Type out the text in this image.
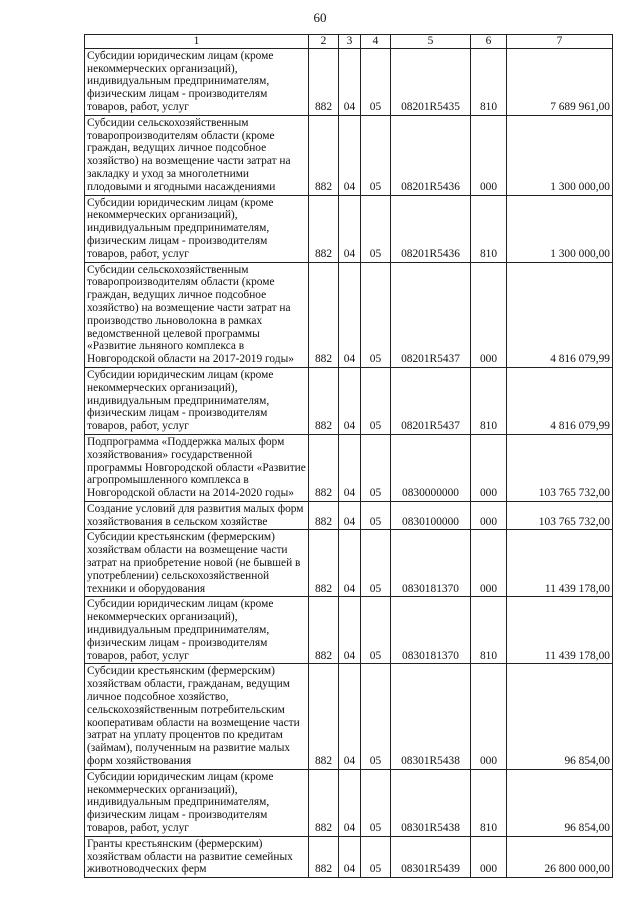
60
1	2	3	4	5	6	7
Субсидии юридическим лицам (кроме некоммерческих организаций), индивидуальным предпринимателям, физическим лицам - производителям товаров, работ, услуг	882	04	05	08201R5435	810	7 689 961,00
Субсидии сельскохозяйственным товаропроизводителям области (кроме граждан, ведущих личное подсобное хозяйство) на возмещение части затрат на закладку и уход за многолетними плодовыми и ягодными насаждениями	882	04	05	08201R5436	000	1 300 000,00
Субсидии юридическим лицам (кроме некоммерческих организаций), индивидуальным предпринимателям, физическим лицам - производителям товаров, работ, услуг	882	04	05	08201R5436	810	1 300 000,00
Субсидии сельскохозяйственным товаропроизводителям области (кроме граждан, ведущих личное подсобное хозяйство) на возмещение части затрат на производство льноволокна в рамках ведомственной целевой программы «Развитие льняного комплекса в Новгородской области на 2017-2019 годы»	882	04	05	08201R5437	000	4 816 079,99
Субсидии юридическим лицам (кроме некоммерческих организаций), индивидуальным предпринимателям, физическим лицам - производителям товаров, работ, услуг	882	04	05	08201R5437	810	4 816 079,99
Подпрограмма «Поддержка малых форм хозяйствования» государственной программы Новгородской области «Развитие агропромышленного комплекса в Новгородской области на 2014-2020 годы»	882	04	05	0830000000	000	103 765 732,00
Создание условий для развития малых форм хозяйствования в сельском хозяйстве	882	04	05	0830100000	000	103 765 732,00
Субсидии крестьянским (фермерским) хозяйствам области на возмещение части затрат на приобретение новой (не бывшей в употреблении) сельскохозяйственной техники и оборудования	882	04	05	0830181370	000	11 439 178,00
Субсидии юридическим лицам (кроме некоммерческих организаций), индивидуальным предпринимателям, физическим лицам - производителям товаров, работ, услуг	882	04	05	0830181370	810	11 439 178,00
Субсидии крестьянским (фермерским) хозяйствам области, гражданам, ведущим личное подсобное хозяйство, сельскохозяйственным потребительским кооперативам области на возмещение части затрат на уплату процентов по кредитам (займам), полученным на развитие малых форм хозяйствования	882	04	05	08301R5438	000	96 854,00
Субсидии юридическим лицам (кроме некоммерческих организаций), индивидуальным предпринимателям, физическим лицам - производителям товаров, работ, услуг	882	04	05	08301R5438	810	96 854,00
Гранты крестьянским (фермерским) хозяйствам области на развитие семейных животноводческих ферм	882	04	05	08301R5439	000	26 800 000,00
